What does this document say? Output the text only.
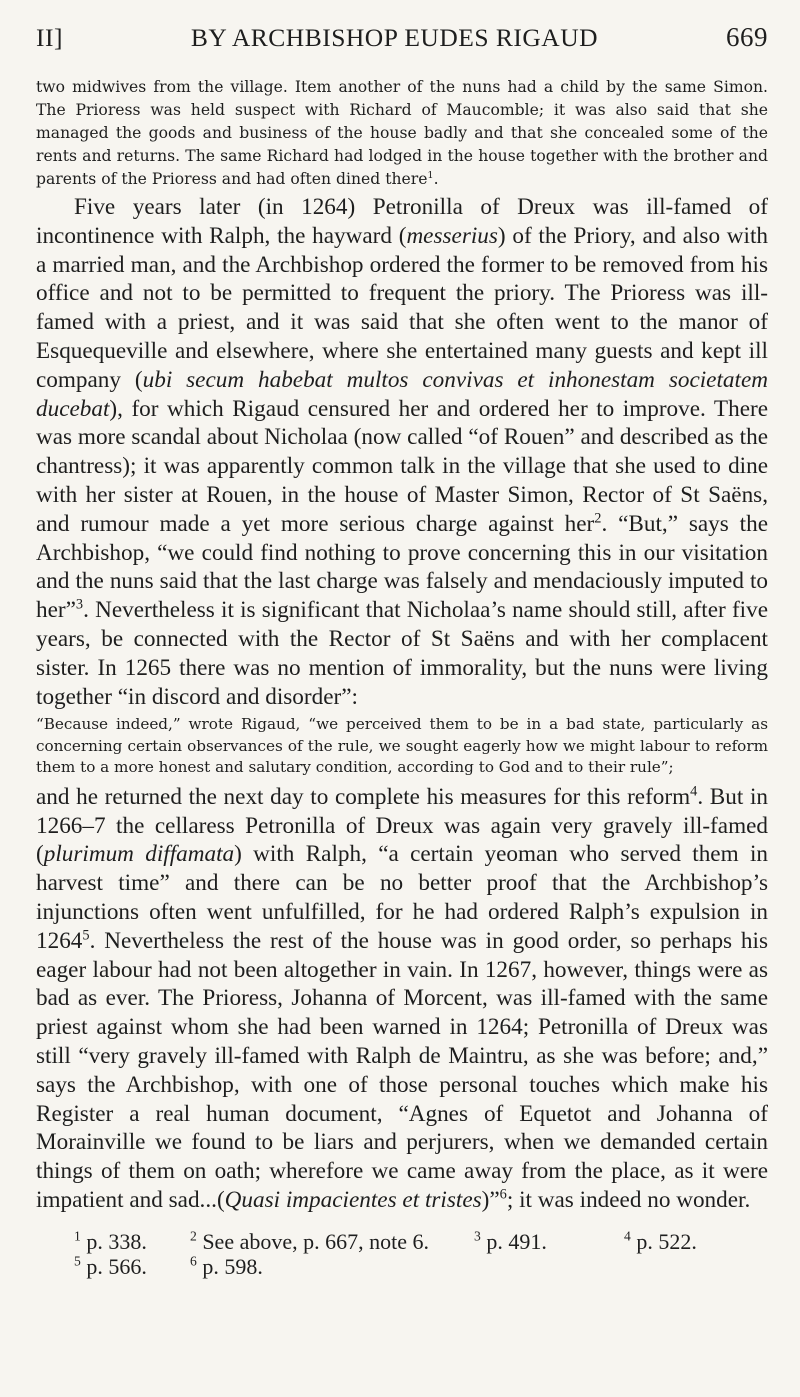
II]	BY ARCHBISHOP EUDES RIGAUD	669

two midwives from the village. Item another of the nuns had a child by the same Simon. The Prioress was held suspect with Richard of Maucomble; it was also said that she managed the goods and business of the house badly and that she concealed some of the rents and returns. The same Richard had lodged in the house together with the brother and parents of the Prioress and had often dined there$^1$.

Five years later (in 1264) Petronilla of Dreux was ill-famed of incontinence with Ralph, the hayward (messerius) of the Priory, and also with a married man, and the Archbishop ordered the former to be removed from his office and not to be permitted to frequent the priory. The Prioress was ill-famed with a priest, and it was said that she often went to the manor of Esquequeville and elsewhere, where she entertained many guests and kept ill company (ubi secum habebat multos convivas et inhonestam societatem ducebat), for which Rigaud censured her and ordered her to improve. There was more scandal about Nicholaa (now called “of Rouen” and described as the chantress); it was apparently common talk in the village that she used to dine with her sister at Rouen, in the house of Master Simon, Rector of St Saëns, and rumour made a yet more serious charge against her$^2$. “But,” says the Archbishop, “we could find nothing to prove concerning this in our visitation and the nuns said that the last charge was falsely and mendaciously imputed to her”$^3$. Nevertheless it is significant that Nicholaa’s name should still, after five years, be connected with the Rector of St Saëns and with her complacent sister. In 1265 there was no mention of immorality, but the nuns were living together “in discord and disorder”:

“Because indeed,” wrote Rigaud, “we perceived them to be in a bad state, particularly as concerning certain observances of the rule, we sought eagerly how we might labour to reform them to a more honest and salutary condition, according to God and to their rule”;

and he returned the next day to complete his measures for this reform$^4$. But in 1266–7 the cellaress Petronilla of Dreux was again very gravely ill-famed (plurimum diffamata) with Ralph, “a certain yeoman who served them in harvest time” and there can be no better proof that the Archbishop’s injunctions often went unfulfilled, for he had ordered Ralph’s expulsion in 1264$^5$. Nevertheless the rest of the house was in good order, so perhaps his eager labour had not been altogether in vain. In 1267, however, things were as bad as ever. The Prioress, Johanna of Morcent, was ill-famed with the same priest against whom she had been warned in 1264; Petronilla of Dreux was still “very gravely ill-famed with Ralph de Maintru, as she was before; and,” says the Archbishop, with one of those personal touches which make his Register a real human document, “Agnes of Equetot and Johanna of Morainville we found to be liars and perjurers, when we demanded certain things of them on oath; wherefore we came away from the place, as it were impatient and sad...(Quasi impacientes et tristes)”$^6$; it was indeed no wonder.

$^1$ p. 338.	$^2$ See above, p. 667, note 6.	$^3$ p. 491.	$^4$ p. 522.
$^5$ p. 566.	$^6$ p. 598.
